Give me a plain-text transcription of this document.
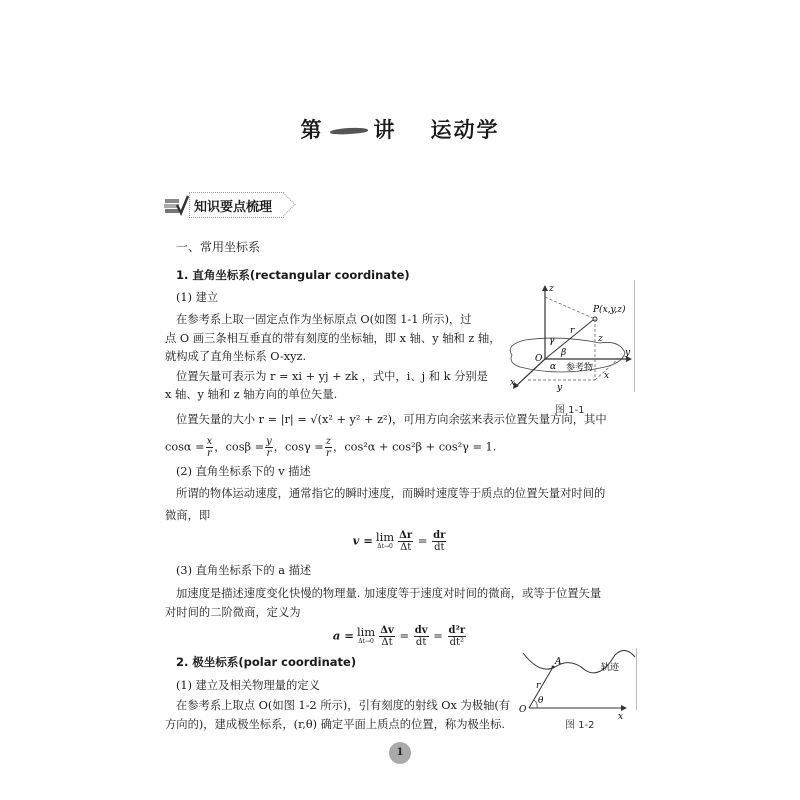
第 讲 运动学
知识要点梳理
一、常用坐标系
1. 直角坐标系(rectangular coordinate)
(1) 建立
在参考系上取一固定点作为坐标原点 O(如图 1-1 所示)，过
点 O 画三条相互垂直的带有刻度的坐标轴，即 x 轴、y 轴和 z 轴，
就构成了直角坐标系 O-xyz.
位置矢量可表示为 r = xi + yj + zk ，式中，i、j 和 k 分别是
x 轴、y 轴和 z 轴方向的单位矢量.
位置矢量的大小 r = |r| = √(x² + y² + z²)，可用方向余弦来表示位置矢量方向，其中
$\cos\alpha = \frac{x}{r}$ ，$\cos\beta = \frac{y}{r}$ ，$\cos\gamma = \frac{z}{r}$ ，cos²α + cos²β + cos²γ = 1.
(2) 直角坐标系下的 v 描述
所谓的物体运动速度，通常指它的瞬时速度，而瞬时速度等于质点的位置矢量对时间的
微商，即
v = lim
$\Delta t\to 0 \frac{\Delta r}{\Delta t} = \frac{dr}{dt}$
(3) 直角坐标系下的 a 描述
加速度是描述速度变化快慢的物理量. 加速度等于速度对时间的微商，或等于位置矢量
对时间的二阶微商，定义为
a = lim
$\Delta t\to 0 \frac{\Delta v}{\Delta t} = \frac{dv}{dt} = \frac{\text{d²r}}{\text{dt²}}$
2. 极坐标系(polar coordinate)
(1) 建立及相关物理量的定义
在参考系上取点 O(如图 1-2 所示)，引有刻度的射线 Ox 为极轴(有
方向的)，建成极坐标系，(r,θ) 确定平面上质点的位置，称为极坐标.
z
P(x,y,z)
r
γ
β
α
O
y
x
参考物
z
x
y
图 1-1
A
轨迹
r
θ
O
x
图 1-2
1
